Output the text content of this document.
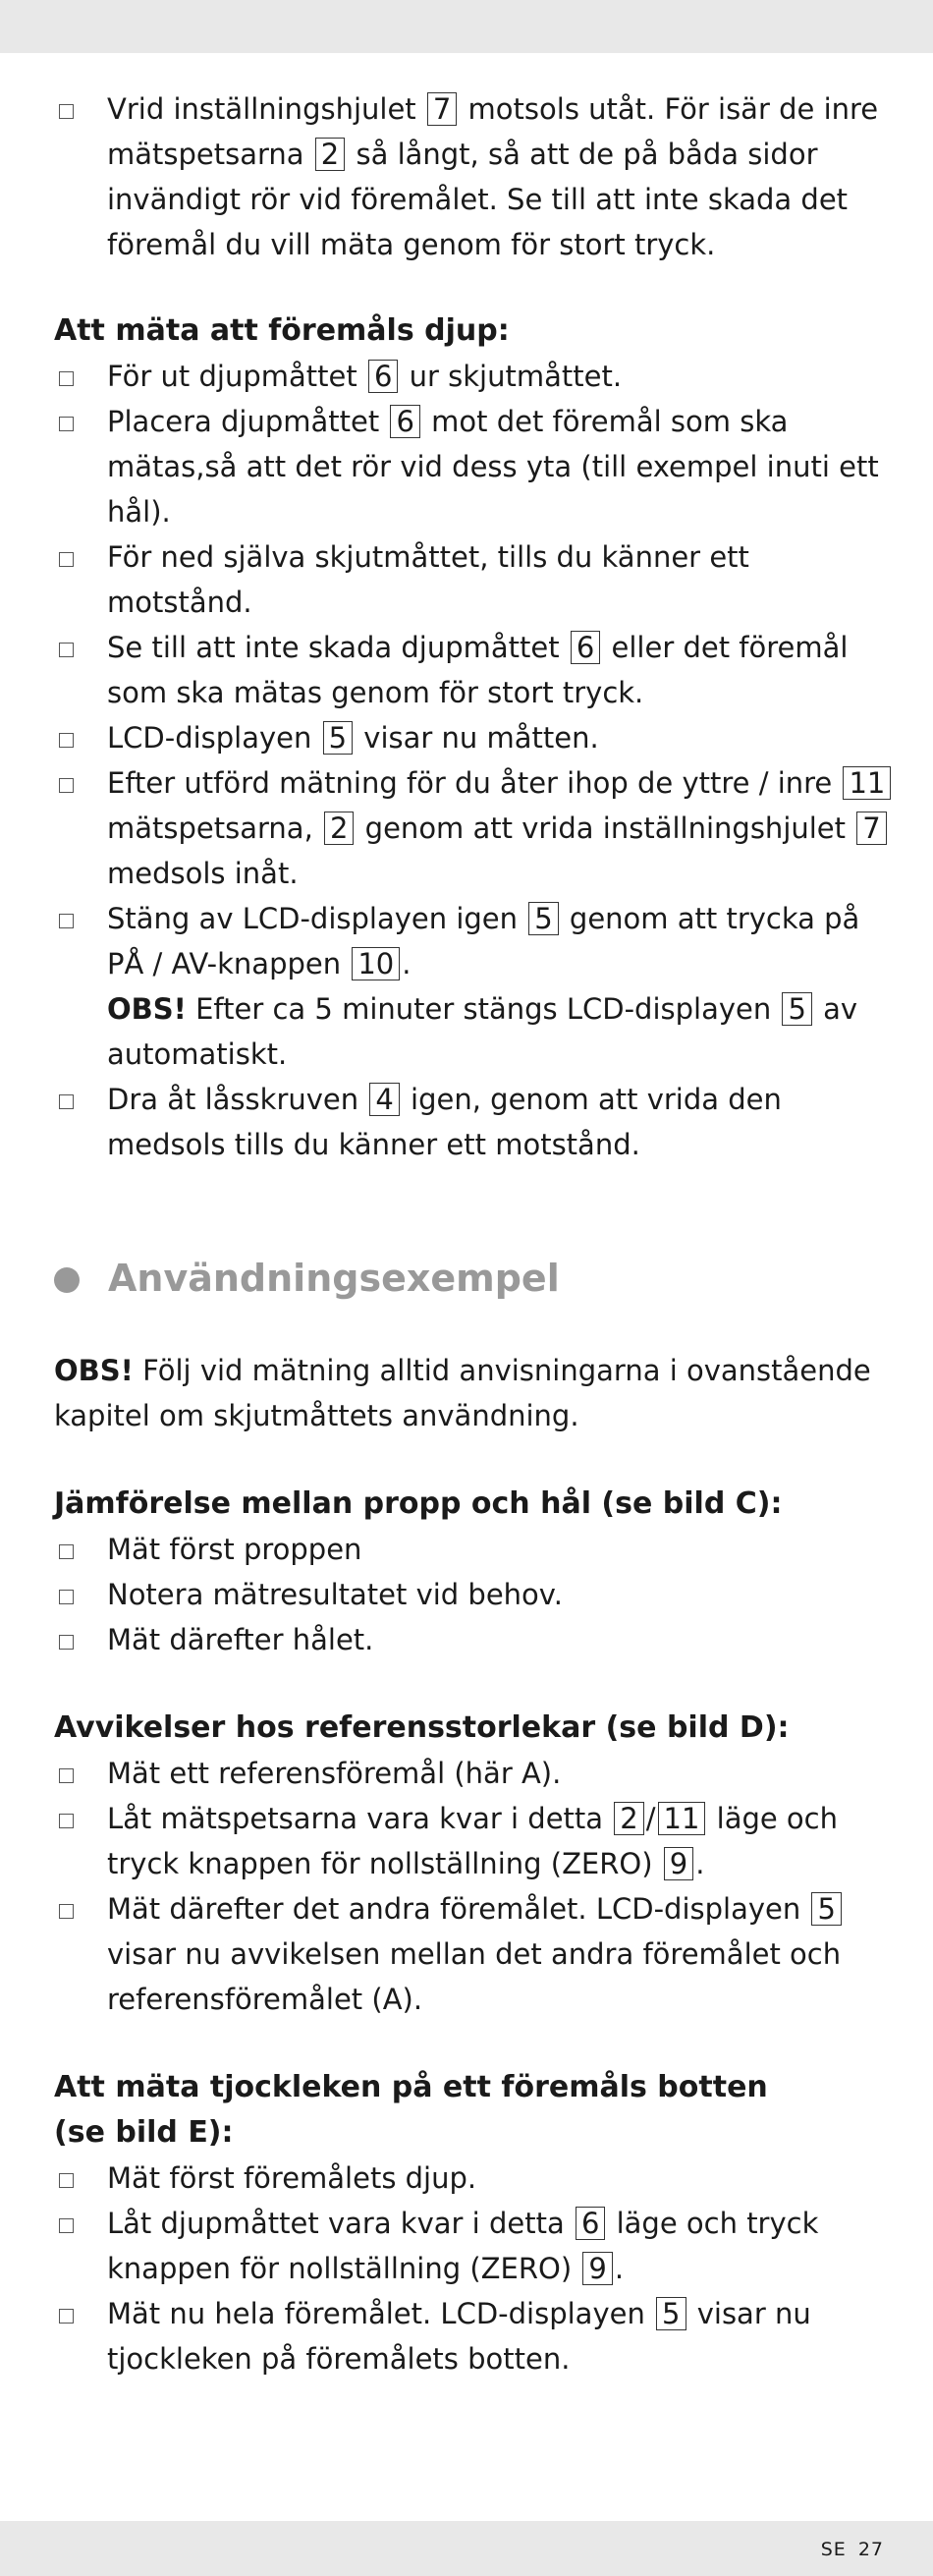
Vrid inställningshjulet 7 motsols utåt. För isär de inre mätspetsarna 2 så långt, så att de på båda sidor invändigt rör vid föremålet. Se till att inte skada det föremål du vill mäta genom för stort tryck.
Att mäta att föremåls djup:
För ut djupmåttet 6 ur skjutmåttet.
Placera djupmåttet 6 mot det föremål som ska mätas,så att det rör vid dess yta (till exempel inuti ett hål).
För ned själva skjutmåttet, tills du känner ett motstånd.
Se till att inte skada djupmåttet 6 eller det föremål som ska mätas genom för stort tryck.
LCD-displayen 5 visar nu måtten.
Efter utförd mätning för du åter ihop de yttre / inre 11 mätspetsarna, 2 genom att vrida inställningshjulet 7 medsols inåt.
Stäng av LCD-displayen igen 5 genom att trycka på PÅ / AV-knappen 10 .
OBS! Efter ca 5 minuter stängs LCD-displayen 5 av automatiskt.
Dra åt låsskruven 4 igen, genom att vrida den medsols tills du känner ett motstånd.
Användningsexempel
OBS! Följ vid mätning alltid anvisningarna i ovanstående kapitel om skjutmåttets användning.
Jämförelse mellan propp och hål (se bild C):
Mät först proppen
Notera mätresultatet vid behov.
Mät därefter hålet.
Avvikelser hos referensstorlekar (se bild D):
Mät ett referensföremål (här A).
Låt mätspetsarna vara kvar i detta 2 / 11 läge och tryck knappen för nollställning (ZERO) 9 .
Mät därefter det andra föremålet. LCD-displayen 5 visar nu avvikelsen mellan det andra föremålet och referensföremålet (A).
Att mäta tjockleken på ett föremåls botten
(se bild E):
Mät först föremålets djup.
Låt djupmåttet vara kvar i detta 6 läge och tryck knappen för nollställning (ZERO) 9 .
Mät nu hela föremålet. LCD-displayen 5 visar nu tjockleken på föremålets botten.
SE 27
